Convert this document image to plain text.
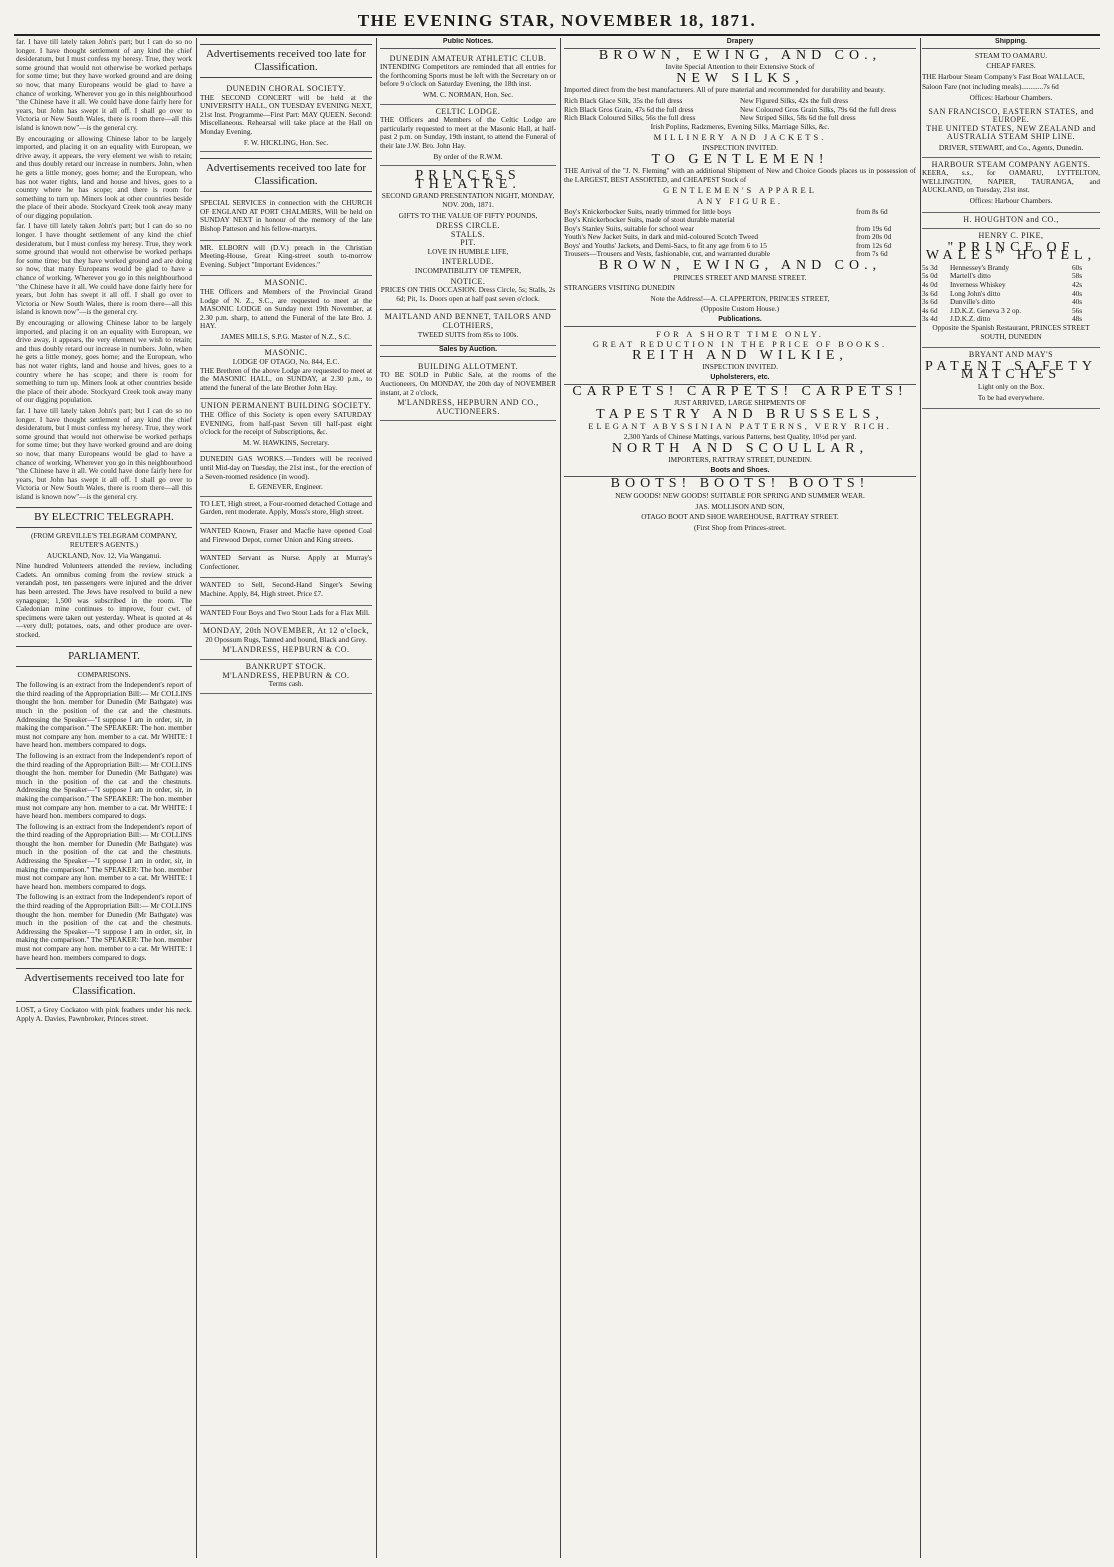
THE EVENING STAR, NOVEMBER 18, 1871.

far. I have till lately taken John's part; but I can do so no longer. I have thought settlement of any kind the chief desideratum, but I must confess my heresy. True, they work some ground that would not otherwise be worked perhaps for some time; but they have worked ground and are doing so now, that many Europeans would be glad to have a chance of working. Wherever you go in this neighbourhood "the Chinese have it all. We could have done fairly here for years, but John has swept it all off. I shall go over to Victoria or New South Wales, there is room there—all this island is known now"—is the general cry.

By encouraging or allowing Chinese labor to be largely imported, and placing it on an equality with European, we drive away, it appears, the very element we wish to retain; and thus doubly retard our increase in numbers. John, when he gets a little money, goes home; and the European, who has not water rights, land and house and hives, goes to a country where he has scope; and there is room for something to turn up. Miners look at other countries beside the place of their abode. Stockyard Creek took away many of our digging population.

far. I have till lately taken John's part; but I can do so no longer. I have thought settlement of any kind the chief desideratum, but I must confess my heresy. True, they work some ground that would not otherwise be worked perhaps for some time; but they have worked ground and are doing so now, that many Europeans would be glad to have a chance of working. Wherever you go in this neighbourhood "the Chinese have it all. We could have done fairly here for years, but John has swept it all off. I shall go over to Victoria or New South Wales, there is room there—all this island is known now"—is the general cry.

By encouraging or allowing Chinese labor to be largely imported, and placing it on an equality with European, we drive away, it appears, the very element we wish to retain; and thus doubly retard our increase in numbers. John, when he gets a little money, goes home; and the European, who has not water rights, land and house and hives, goes to a country where he has scope; and there is room for something to turn up. Miners look at other countries beside the place of their abode. Stockyard Creek took away many of our digging population.

far. I have till lately taken John's part; but I can do so no longer. I have thought settlement of any kind the chief desideratum, but I must confess my heresy. True, they work some ground that would not otherwise be worked perhaps for some time; but they have worked ground and are doing so now, that many Europeans would be glad to have a chance of working. Wherever you go in this neighbourhood "the Chinese have it all. We could have done fairly here for years, but John has swept it all off. I shall go over to Victoria or New South Wales, there is room there—all this island is known now"—is the general cry.

BY ELECTRIC TELEGRAPH.

(FROM GREVILLE'S TELEGRAM COMPANY, REUTER'S AGENTS.)

AUCKLAND, Nov. 12, Via Wanganui.

Nine hundred Volunteers attended the review, including Cadets. An omnibus coming from the review struck a verandah post, ten passengers were injured and the driver has been arrested. The Jews have resolved to build a new synagogue; 1,500 was subscribed in the room. The Caledonian mine continues to improve, four cwt. of specimens were taken out yesterday. Wheat is quoted at 4s—very dull; potatoes, oats, and other produce are over-stocked.

PARLIAMENT.

COMPARISONS.

The following is an extract from the Independent's report of the third reading of the Appropriation Bill:— Mr COLLINS thought the hon. member for Dunedin (Mr Bathgate) was much in the position of the cat and the chestnuts. Addressing the Speaker—"I suppose I am in order, sir, in making the comparison." The SPEAKER: The hon. member must not compare any hon. member to a cat. Mr WHITE: I have heard hon. members compared to dogs.

The following is an extract from the Independent's report of the third reading of the Appropriation Bill:— Mr COLLINS thought the hon. member for Dunedin (Mr Bathgate) was much in the position of the cat and the chestnuts. Addressing the Speaker—"I suppose I am in order, sir, in making the comparison." The SPEAKER: The hon. member must not compare any hon. member to a cat. Mr WHITE: I have heard hon. members compared to dogs.

The following is an extract from the Independent's report of the third reading of the Appropriation Bill:— Mr COLLINS thought the hon. member for Dunedin (Mr Bathgate) was much in the position of the cat and the chestnuts. Addressing the Speaker—"I suppose I am in order, sir, in making the comparison." The SPEAKER: The hon. member must not compare any hon. member to a cat. Mr WHITE: I have heard hon. members compared to dogs.

The following is an extract from the Independent's report of the third reading of the Appropriation Bill:— Mr COLLINS thought the hon. member for Dunedin (Mr Bathgate) was much in the position of the cat and the chestnuts. Addressing the Speaker—"I suppose I am in order, sir, in making the comparison." The SPEAKER: The hon. member must not compare any hon. member to a cat. Mr WHITE: I have heard hon. members compared to dogs.

Advertisements received too late for Classification.

LOST, a Grey Cockatoo with pink feathers under his neck. Apply A. Davies, Pawnbroker, Princes street.

Advertisements received too late for Classification.
DUNEDIN CHORAL SOCIETY.

THE SECOND CONCERT will be held at the UNIVERSITY HALL, ON TUESDAY EVENING NEXT, 21st Inst. Programme—First Part: MAY QUEEN. Second: Miscellaneous. Rehearsal will take place at the Hall on Monday Evening.

F. W. HICKLING, Hon. Sec.
Advertisements received too late for Classification.

SPECIAL SERVICES in connection with the CHURCH OF ENGLAND AT PORT CHALMERS, Will be held on SUNDAY NEXT in honour of the memory of the late Bishop Patteson and his fellow-martyrs.

MR. ELBORN will (D.V.) preach in the Christian Meeting-House, Great King-street south to-morrow Evening. Subject "Important Evidences."

MASONIC.

THE Officers and Members of the Provincial Grand Lodge of N. Z., S.C., are requested to meet at the MASONIC LODGE on Sunday next 19th November, at 2.30 p.m. sharp, to attend the Funeral of the late Bro. J. HAY.

JAMES MILLS, S.P.G. Master of N.Z., S.C.
MASONIC.
LODGE OF OTAGO, No. 844, E.C.

THE Brethren of the above Lodge are requested to meet at the MASONIC HALL, on SUNDAY, at 2.30 p.m., to attend the funeral of the late Brother John Hay.

UNION PERMANENT BUILDING SOCIETY.

THE Office of this Society is open every SATURDAY EVENING, from half-past Seven till half-past eight o'clock for the receipt of Subscriptions, &c.

M. W. HAWKINS, Secretary.

DUNEDIN GAS WORKS.—Tenders will be received until Mid-day on Tuesday, the 21st inst., for the erection of a Seven-roomed residence (in wood).

E. GENEVER, Engineer.

TO LET, High street, a Four-roomed detached Cottage and Garden, rent moderate. Apply, Moss's store, High street.

WANTED Known, Fraser and Macfie have opened Coal and Firewood Depot, corner Union and King streets.

WANTED Servant as Nurse. Apply at Murray's Confectioner.

WANTED to Sell, Second-Hand Singer's Sewing Machine. Apply, 84, High street. Price £7.

WANTED Four Boys and Two Stout Lads for a Flax Mill.

MONDAY, 20th NOVEMBER, At 12 o'clock,

20 Opossum Rugs, Tanned and bound, Black and Grey.

M'LANDRESS, HEPBURN & CO.
BANKRUPT STOCK.
M'LANDRESS, HEPBURN & CO.
Terms cash.
Public Notices.
DUNEDIN AMATEUR ATHLETIC CLUB.

INTENDING Competitors are reminded that all entries for the forthcoming Sports must be left with the Secretary on or before 9 o'clock on Saturday Evening, the 18th inst.

WM. C. NORMAN, Hon. Sec.
CELTIC LODGE.

THE Officers and Members of the Celtic Lodge are particularly requested to meet at the Masonic Hall, at half-past 2 p.m. on Sunday, 19th instant, to attend the Funeral of their late J.W. Bro. John Hay.

By order of the R.W.M.
PRINCESS THEATRE.

SECOND GRAND PRESENTATION NIGHT, MONDAY, NOV. 20th, 1871.

GIFTS TO THE VALUE OF FIFTY POUNDS,

DRESS CIRCLE.
STALLS.
PIT.

LOVE IN HUMBLE LIFE,

INTERLUDE.

INCOMPATIBILITY OF TEMPER,

NOTICE.

PRICES ON THIS OCCASION. Dress Circle, 5s; Stalls, 2s 6d; Pit, 1s. Doors open at half past seven o'clock.

MAITLAND AND BENNET, TAILORS AND CLOTHIERS,

TWEED SUITS from 85s to 100s.

Sales by Auction.
BUILDING ALLOTMENT.

TO BE SOLD in Public Sale, at the rooms of the Auctioneers, On MONDAY, the 20th day of NOVEMBER instant, at 2 o'clock,

M'LANDRESS, HEPBURN AND CO., AUCTIONEERS.
Drapery
BROWN, EWING, AND CO.,

Invite Special Attention to their Extensive Stock of

NEW SILKS,

Imported direct from the best manufacturers. All of pure material and recommended for durability and beauty.

Rich Black Glace Silk, 35s the full dress	New Figured Silks, 42s the full dress
Rich Black Gros Grain, 47s 6d the full dress	New Coloured Gros Grain Silks, 79s 6d the full dress
Rich Black Coloured Silks, 56s the full dress	New Striped Silks, 58s 6d the full dress

Irish Poplins, Radzmeres, Evening Silks, Marriage Silks, &c.

MILLINERY AND JACKETS.

INSPECTION INVITED.

TO GENTLEMEN!

THE Arrival of the "J. N. Fleming" with an additional Shipment of New and Choice Goods places us in possession of the LARGEST, BEST ASSORTED, and CHEAPEST Stock of

GENTLEMEN'S APPAREL

ANY FIGURE.

Boy's Knickerbocker Suits, neatly trimmed for little boys	from 8s 6d
Boy's Knickerbocker Suits, made of stout durable material
Boy's Stanley Suits, suitable for school wear	from 19s 6d
Youth's New Jacket Suits, in dark and mid-coloured Scotch Tweed	from 20s 0d
Boys' and Youths' Jackets, and Demi-Sacs, to fit any age from 6 to 15	from 12s 6d
Trousers—Trousers and Vests, fashionable, cut, and warranted durable	from 7s 6d
BROWN, EWING, AND CO.,

PRINCES STREET AND MANSE STREET.

STRANGERS VISITING DUNEDIN

Note the Address!—A. CLAPPERTON, PRINCES STREET,

(Opposite Custom House.)

Publications.

FOR A SHORT TIME ONLY.

GREAT REDUCTION IN THE PRICE OF BOOKS.

REITH AND WILKIE,

INSPECTION INVITED.

Upholsterers, etc.
CARPETS! CARPETS! CARPETS!

JUST ARRIVED, LARGE SHIPMENTS OF

TAPESTRY AND BRUSSELS,

ELEGANT ABYSSINIAN PATTERNS, VERY RICH.

2,300 Yards of Chinese Mattings, various Patterns, best Quality, 10½d per yard.

NORTH AND SCOULLAR,

IMPORTERS, RATTRAY STREET, DUNEDIN.

Boots and Shoes.
BOOTS! BOOTS! BOOTS!

NEW GOODS! NEW GOODS! SUITABLE FOR SPRING AND SUMMER WEAR.

JAS. MOLLISON AND SON,

OTAGO BOOT AND SHOE WAREHOUSE, RATTRAY STREET.

(First Shop from Princes-street.

Shipping.

STEAM TO OAMARU.

CHEAP FARES.

THE Harbour Steam Company's Fast Boat WALLACE,

Saloon Fare (not including meals)............7s 6d

Offices: Harbour Chambers.

SAN FRANCISCO, EASTERN STATES, and EUROPE.
THE UNITED STATES, NEW ZEALAND and AUSTRALIA STEAM SHIP LINE.
DRIVER, STEWART, and Co., Agents, Dunedin.
HARBOUR STEAM COMPANY AGENTS.

KEERA, s.s., for OAMARU, LYTTELTON, WELLINGTON, NAPIER, TAURANGA, and AUCKLAND, on Tuesday, 21st inst.

Offices: Harbour Chambers.

H. HOUGHTON and CO.,
HENRY C. PIKE,
"PRINCE OF WALES" HOTEL,
5s 3d	Hennessey's Brandy	60s
5s 0d	Martell's ditto	58s
4s 0d	Inverness Whiskey	42s
3s 6d	Long John's ditto	40s
3s 6d	Dunville's ditto	40s
4s 6d	J.D.K.Z. Geneva 3 2 op.	56s
3s 4d	J.D.K.Z. ditto	48s

Opposite the Spanish Restaurant, PRINCES STREET SOUTH, DUNEDIN

BRYANT AND MAY'S
PATENT SAFETY MATCHES

Light only on the Box.

To be had everywhere.
